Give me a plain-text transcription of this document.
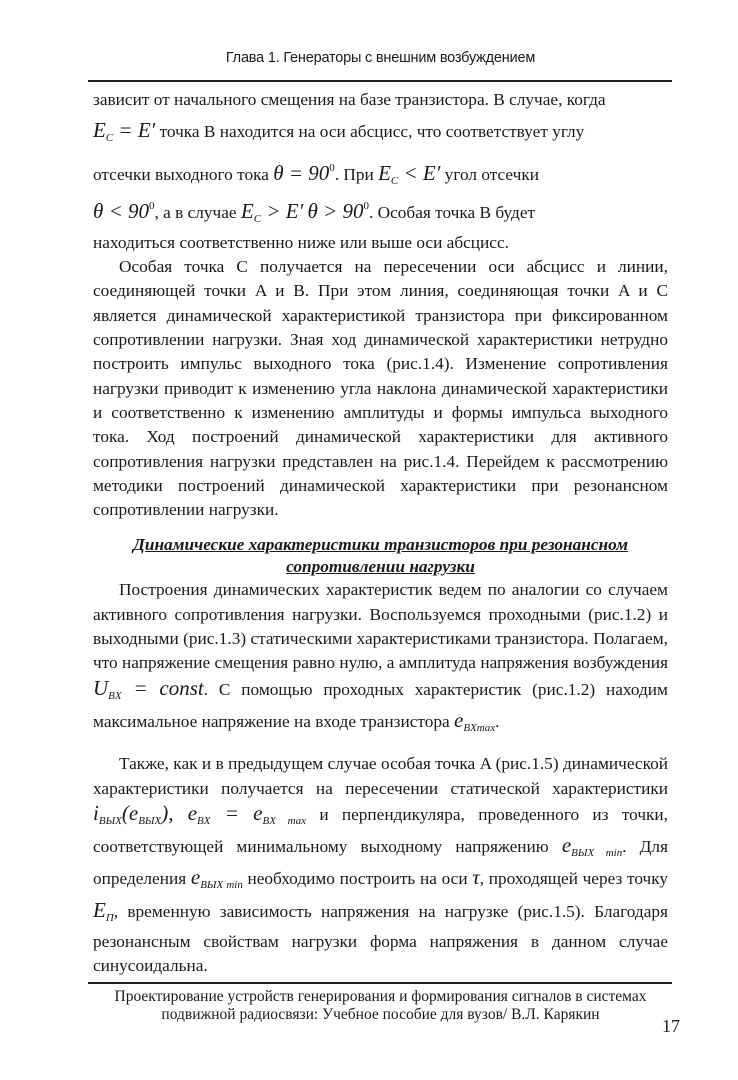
Глава 1. Генераторы с внешним возбуждением

зависит от начального смещения на базе транзистора. В случае, когда
$E_C = E'$ точка B находится на оси абсцисс, что соответствует углу
отсечки выходного тока $\theta = 90^0$. При $E_C < E'$ угол отсечки
$\theta < 90^0$, а в случае $E_C > E'$ $\theta > 90^0$. Особая точка B будет
находиться соответственно ниже или выше оси абсцисс.

Особая точка C получается на пересечении оси абсцисс и линии, соединяющей точки A и B. При этом линия, соединяющая точки A и C является динамической характеристикой транзистора при фиксированном сопротивлении нагрузки. Зная ход динамической характеристики нетрудно построить импульс выходного тока (рис.1.4). Изменение сопротивления нагрузки приводит к изменению угла наклона динамической характеристики и соответственно к изменению амплитуды и формы импульса выходного тока. Ход построений динамической характеристики для активного сопротивления нагрузки представлен на рис.1.4. Перейдем к рассмотрению методики построений динамической характеристики при резонансном сопротивлении нагрузки.

Динамические характеристики транзисторов при резонансном сопротивлении нагрузки

Построения динамических характеристик ведем по аналогии со случаем активного сопротивления нагрузки. Воспользуемся проходными (рис.1.2) и выходными (рис.1.3) статическими характеристиками транзистора. Полагаем, что напряжение смещения равно нулю, а амплитуда напряжения возбуждения $U_{BX}$ = const. С помощью проходных характеристик (рис.1.2) находим максимальное напряжение на входе транзистора $e_{BXmax}$.

Также, как и в предыдущем случае особая точка A (рис.1.5) динамической характеристики получается на пересечении статической характеристики $i_{ВЫХ}(e_{ВЫХ})$, $e_{BX} = e_{BX max}$ и перпендикуляра, проведенного из точки, соответствующей минимальному выходному напряжению $e_{ВЫХ min}$. Для определения $e_{ВЫХ min}$ необходимо построить на оси τ, проходящей через точку $E_П$, временную зависимость напряжения на нагрузке (рис.1.5). Благодаря резонансным свойствам нагрузки форма напряжения в данном случае синусоидальна.

Проектирование устройств генерирования и формирования сигналов в системах
подвижной радиосвязи: Учебное пособие для вузов/ В.Л. Карякин
17
